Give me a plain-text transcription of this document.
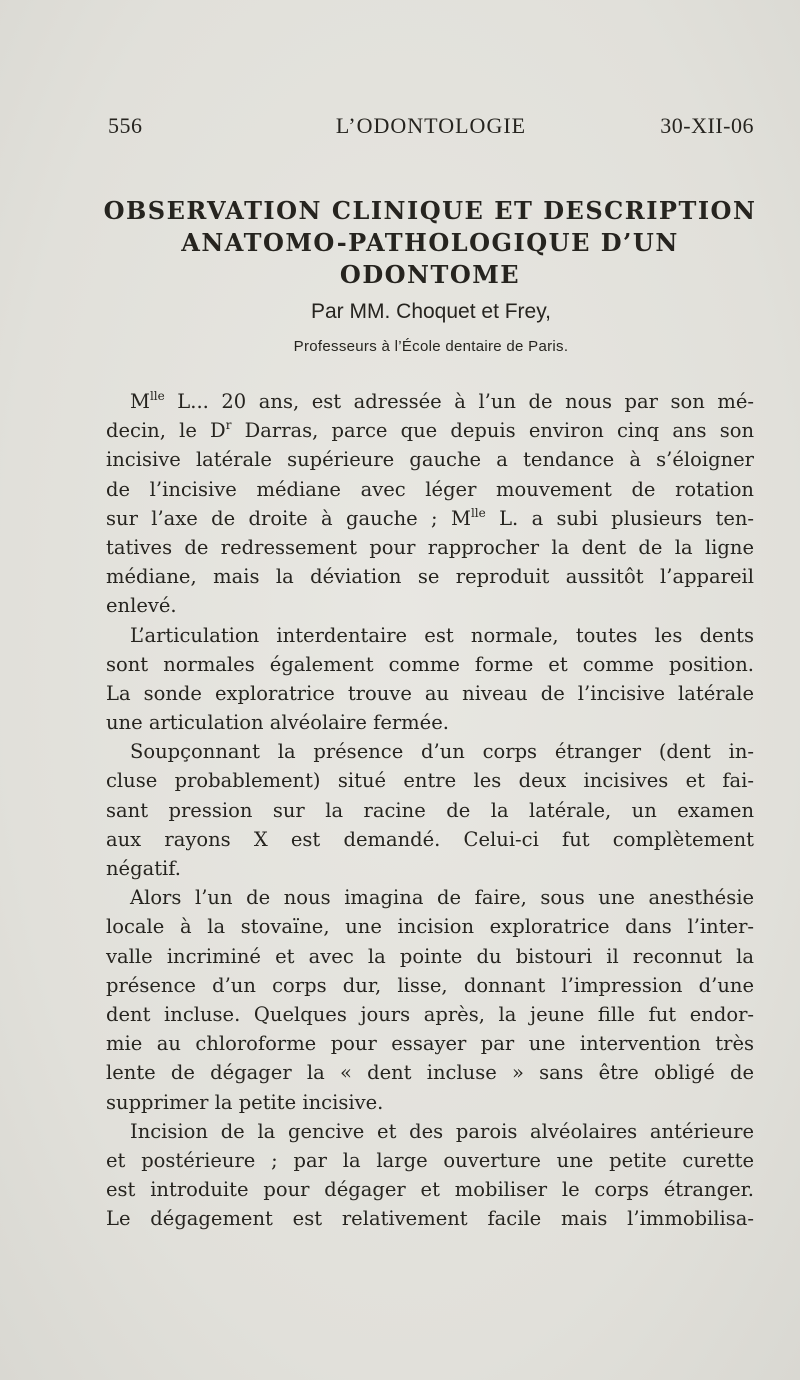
556	L’ODONTOLOGIE	30-XII-06
OBSERVATION CLINIQUE ET DESCRIPTION
ANATOMO-PATHOLOGIQUE D’UN
ODONTOME
Par MM. Choquet et Frey,
Professeurs à l’École dentaire de Paris.
$M^{lle}$ L... 20 ans, est adressée à l’un de nous par son mé-
decin, le $D^r$ Darras, parce que depuis environ cinq ans son
incisive latérale supérieure gauche a tendance à s’éloigner
de l’incisive médiane avec léger mouvement de rotation
sur l’axe de droite à gauche ; $M^{lle}$ L. a subi plusieurs ten-
tatives de redressement pour rapprocher la dent de la ligne
médiane, mais la déviation se reproduit aussitôt l’appareil
enlevé.
L’articulation interdentaire est normale, toutes les dents
sont normales également comme forme et comme position.
La sonde exploratrice trouve au niveau de l’incisive latérale
une articulation alvéolaire fermée.
Soupçonnant la présence d’un corps étranger (dent in-
cluse probablement) situé entre les deux incisives et fai-
sant pression sur la racine de la latérale, un examen
aux rayons X est demandé. Celui-ci fut complètement
négatif.
Alors l’un de nous imagina de faire, sous une anesthésie
locale à la stovaïne, une incision exploratrice dans l’inter-
valle incriminé et avec la pointe du bistouri il reconnut la
présence d’un corps dur, lisse, donnant l’impression d’une
dent incluse. Quelques jours après, la jeune fille fut endor-
mie au chloroforme pour essayer par une intervention très
lente de dégager la « dent incluse » sans être obligé de
supprimer la petite incisive.
Incision de la gencive et des parois alvéolaires antérieure
et postérieure ; par la large ouverture une petite curette
est introduite pour dégager et mobiliser le corps étranger.
Le dégagement est relativement facile mais l’immobilisa-
